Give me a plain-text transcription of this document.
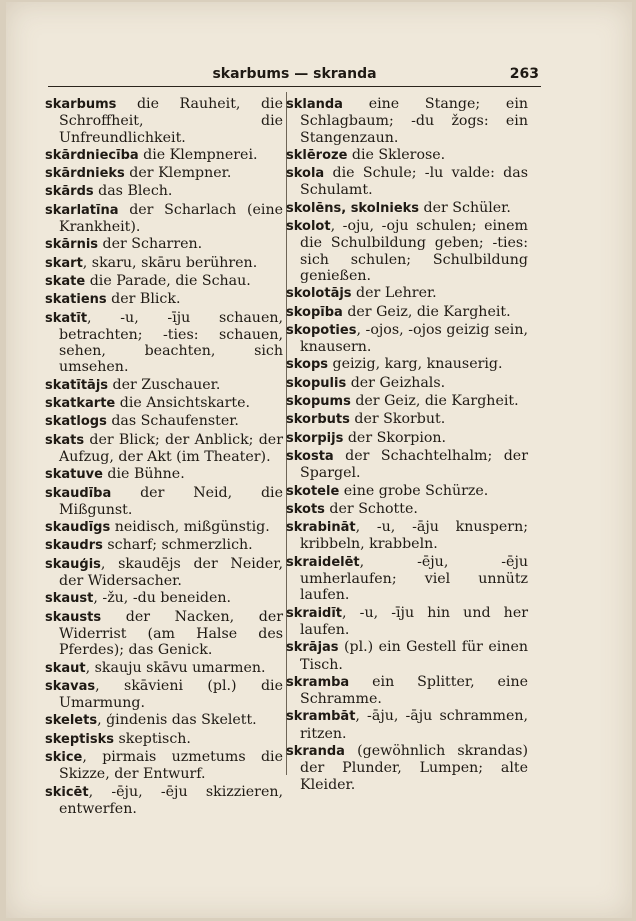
skarbums — skranda	263
skarbums die Rauheit, die Schroffheit, die Unfreundlichkeit.
skārdniecība die Klempnerei.
skārdnieks der Klempner.
skārds das Blech.
skarlatīna der Scharlach (eine Krankheit).
skārnis der Scharren.
skart, skaru, skāru berühren.
skate die Parade, die Schau.
skatiens der Blick.
skatīt, -u, -īju schauen, betrachten; -ties: schauen, sehen, beachten, sich umsehen.
skatītājs der Zuschauer.
skatkarte die Ansichtskarte.
skatlogs das Schaufenster.
skats der Blick; der Anblick; der Aufzug, der Akt (im Theater).
skatuve die Bühne.
skaudība der Neid, die Mißgunst.
skaudīgs neidisch, mißgünstig.
skaudrs scharf; schmerzlich.
skauģis, skaudējs der Neider, der Widersacher.
skaust, -žu, -du beneiden.
skausts der Nacken, der Widerrist (am Halse des Pferdes); das Genick.
skaut, skauju skāvu umarmen.
skavas, skāvieni (pl.) die Umarmung.
skelets, ģindenis das Skelett.
skeptisks skeptisch.
skice, pirmais uzmetums die Skizze, der Entwurf.
skicēt, -ēju, -ēju skizzieren, entwerfen.
sklanda eine Stange; ein Schlagbaum; -du žogs: ein Stangenzaun.
sklēroze die Sklerose.
skola die Schule; -lu valde: das Schulamt.
skolēns, skolnieks der Schüler.
skolot, -oju, -oju schulen; einem die Schulbildung geben; -ties: sich schulen; Schulbildung genießen.
skolotājs der Lehrer.
skopība der Geiz, die Kargheit.
skopoties, -ojos, -ojos geizig sein, knausern.
skops geizig, karg, knauserig.
skopulis der Geizhals.
skopums der Geiz, die Kargheit.
skorbuts der Skorbut.
skorpijs der Skorpion.
skosta der Schachtelhalm; der Spargel.
skotele eine grobe Schürze.
skots der Schotte.
skrabināt, -u, -āju knuspern; kribbeln, krabbeln.
skraidelēt, -ēju, -ēju umherlaufen; viel unnütz laufen.
skraidīt, -u, -īju hin und her laufen.
skrājas (pl.) ein Gestell für einen Tisch.
skramba ein Splitter, eine Schramme.
skrambāt, -āju, -āju schrammen, ritzen.
skranda (gewöhnlich skrandas) der Plunder, Lumpen; alte Kleider.
